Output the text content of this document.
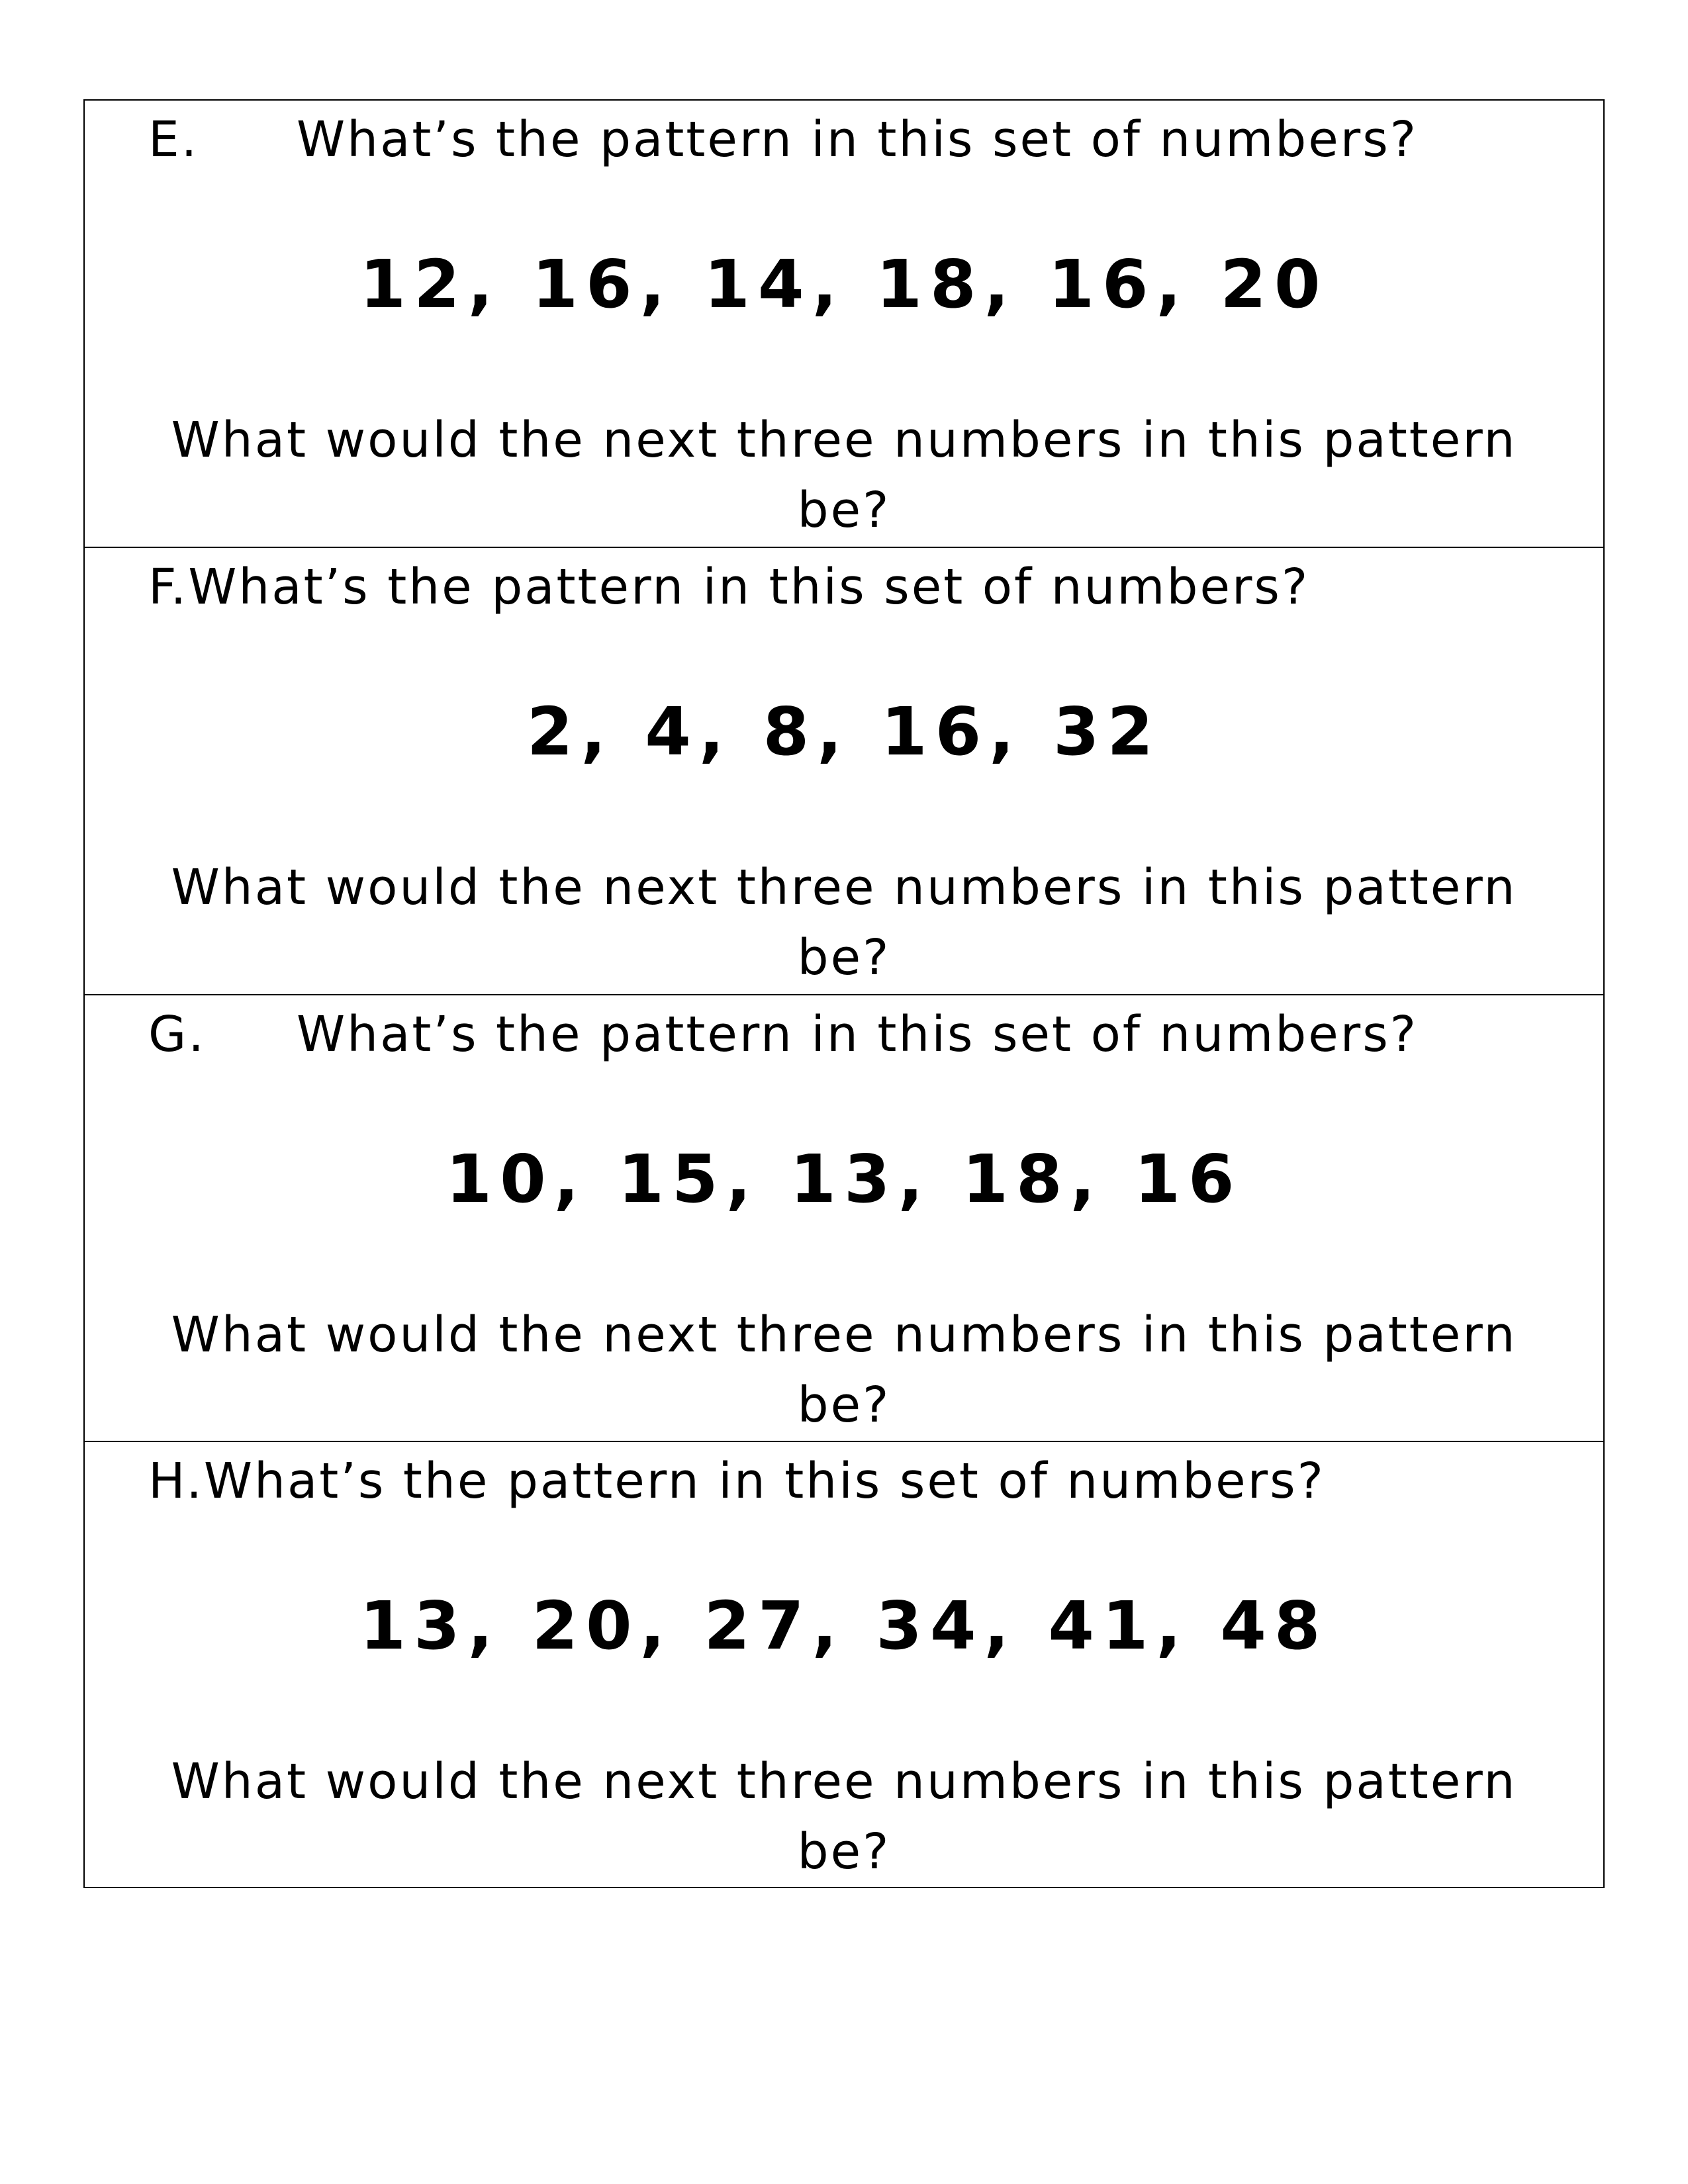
E.	What’s the pattern in this set of numbers?
12, 16, 14, 18, 16, 20
What would the next three numbers in this pattern
be?
F. What’s the pattern in this set of numbers?
2, 4, 8, 16, 32
What would the next three numbers in this pattern
be?
G.	What’s the pattern in this set of numbers?
10, 15, 13, 18, 16
What would the next three numbers in this pattern
be?
H. What’s the pattern in this set of numbers?
13, 20, 27, 34, 41, 48
What would the next three numbers in this pattern
be?
